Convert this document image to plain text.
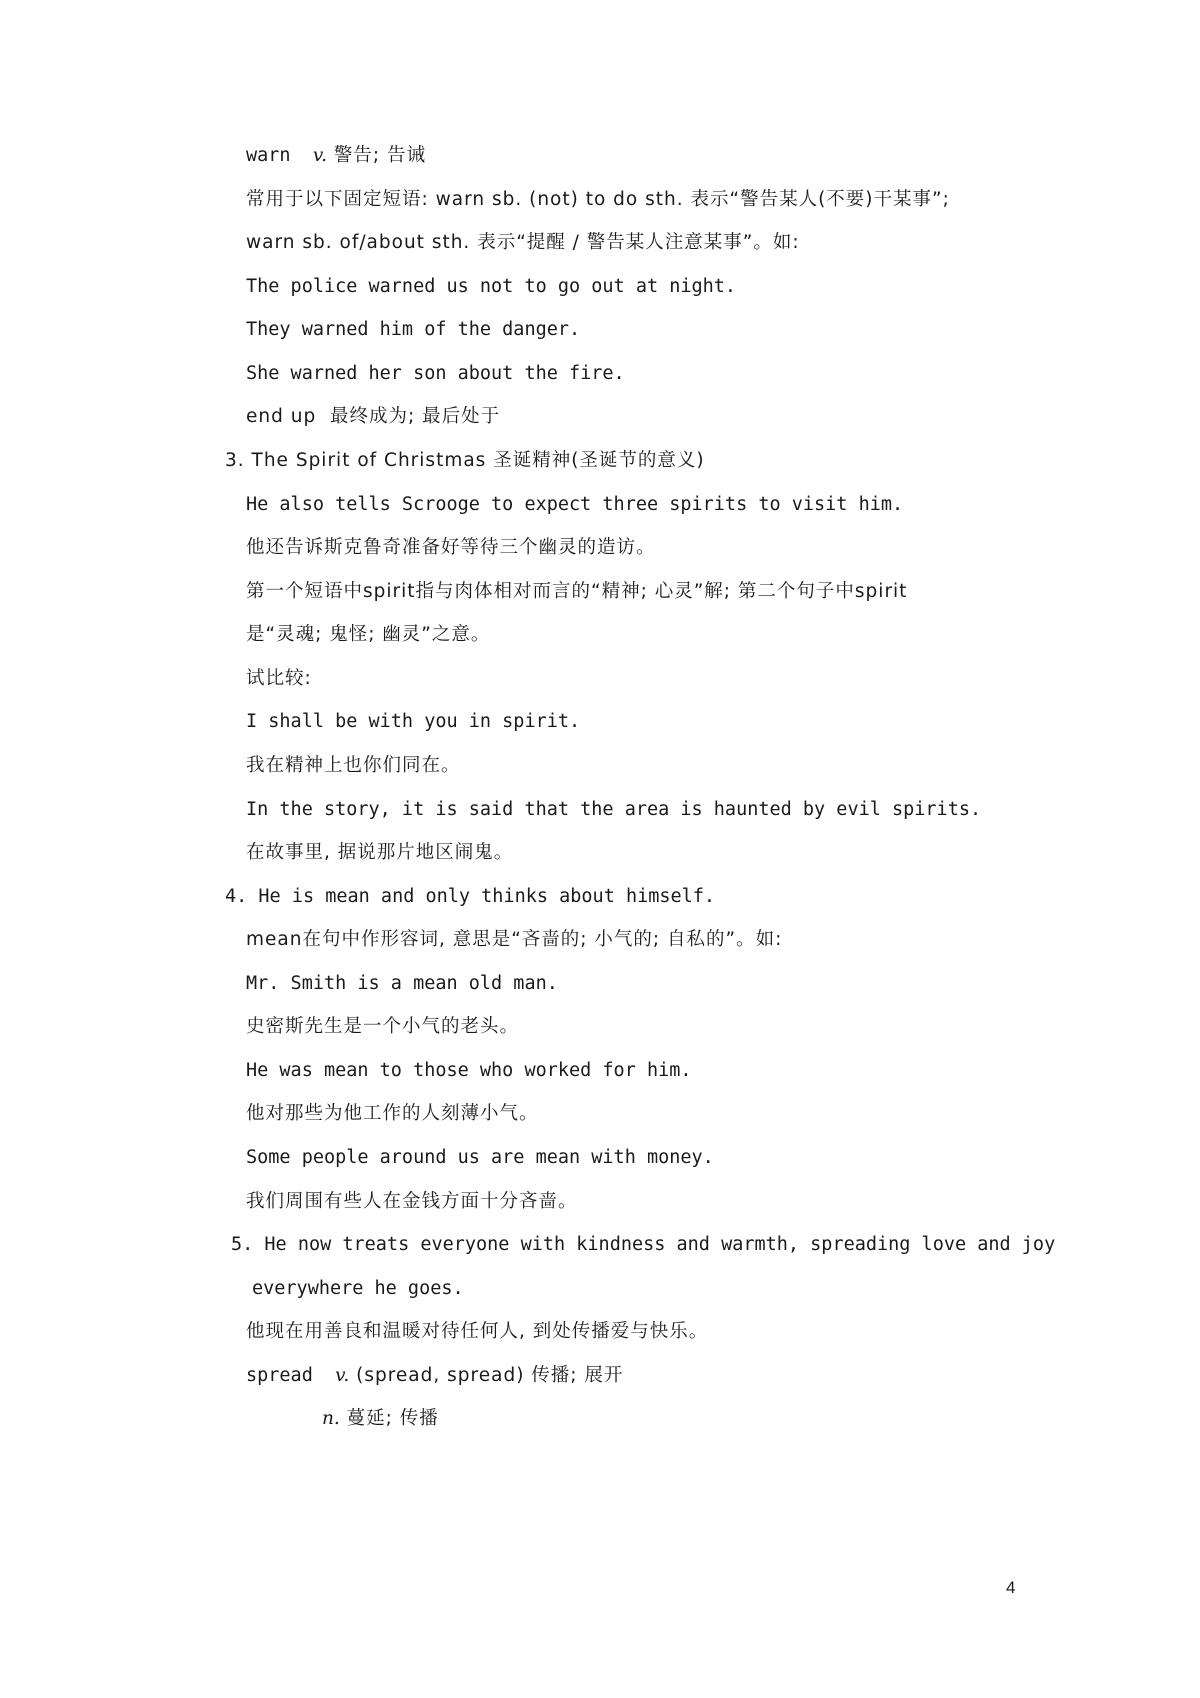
warn  v. 警告; 告诫

常用于以下固定短语: warn sb. (not) to do sth. 表示“警告某人(不要)干某事”;

warn sb. of/about sth. 表示“提醒 / 警告某人注意某事”。如:

The police warned us not to go out at night.

They warned him of the danger.

She warned her son about the fire.

end up  最终成为; 最后处于

3. The Spirit of Christmas 圣诞精神(圣诞节的意义)

He also tells Scrooge to expect three spirits to visit him.

他还告诉斯克鲁奇准备好等待三个幽灵的造访。

第一个短语中spirit指与肉体相对而言的“精神; 心灵”解; 第二个句子中spirit

是“灵魂; 鬼怪; 幽灵”之意。

试比较:

I shall be with you in spirit.

我在精神上也你们同在。

In the story, it is said that the area is haunted by evil spirits.

在故事里, 据说那片地区闹鬼。

4. He is mean and only thinks about himself.

mean在句中作形容词, 意思是“吝啬的; 小气的; 自私的”。如:

Mr. Smith is a mean old man.

史密斯先生是一个小气的老头。

He was mean to those who worked for him.

他对那些为他工作的人刻薄小气。

Some people around us are mean with money.

我们周围有些人在金钱方面十分吝啬。

5. He now treats everyone with kindness and warmth, spreading love and joy

everywhere he goes.

他现在用善良和温暖对待任何人, 到处传播爱与快乐。

spread  v. (spread, spread) 传播; 展开

n. 蔓延; 传播

4
